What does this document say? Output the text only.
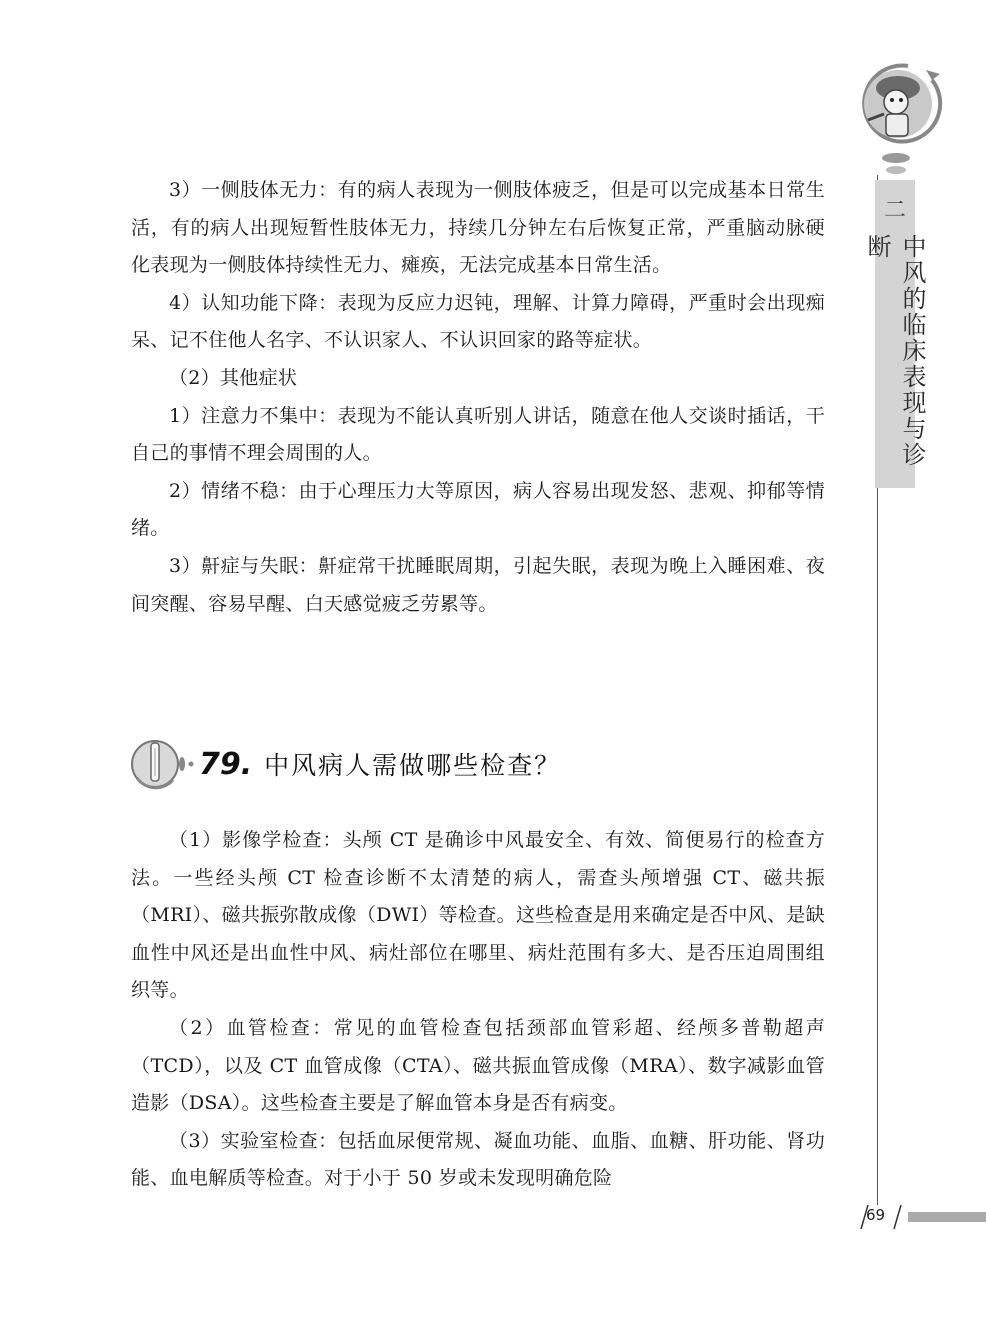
二
中风的临床表现与诊断

3）一侧肢体无力：有的病人表现为一侧肢体疲乏，但是可以完成基本日常生活，有的病人出现短暂性肢体无力，持续几分钟左右后恢复正常，严重脑动脉硬化表现为一侧肢体持续性无力、瘫痪，无法完成基本日常生活。

4）认知功能下降：表现为反应力迟钝，理解、计算力障碍，严重时会出现痴呆、记不住他人名字、不认识家人、不认识回家的路等症状。

（2）其他症状

1）注意力不集中：表现为不能认真听别人讲话，随意在他人交谈时插话，干自己的事情不理会周围的人。

2）情绪不稳：由于心理压力大等原因，病人容易出现发怒、悲观、抑郁等情绪。

3）鼾症与失眠：鼾症常干扰睡眠周期，引起失眠，表现为晚上入睡困难、夜间突醒、容易早醒、白天感觉疲乏劳累等。

79. 中风病人需做哪些检查？

（1）影像学检查：头颅 CT 是确诊中风最安全、有效、简便易行的检查方法。一些经头颅 CT 检查诊断不太清楚的病人，需查头颅增强 CT、磁共振（MRI）、磁共振弥散成像（DWI）等检查。这些检查是用来确定是否中风、是缺血性中风还是出血性中风、病灶部位在哪里、病灶范围有多大、是否压迫周围组织等。

（2）血管检查：常见的血管检查包括颈部血管彩超、经颅多普勒超声（TCD），以及 CT 血管成像（CTA）、磁共振血管成像（MRA）、数字减影血管造影（DSA）。这些检查主要是了解血管本身是否有病变。

（3）实验室检查：包括血尿便常规、凝血功能、血脂、血糖、肝功能、肾功能、血电解质等检查。对于小于 50 岁或未发现明确危险

69
